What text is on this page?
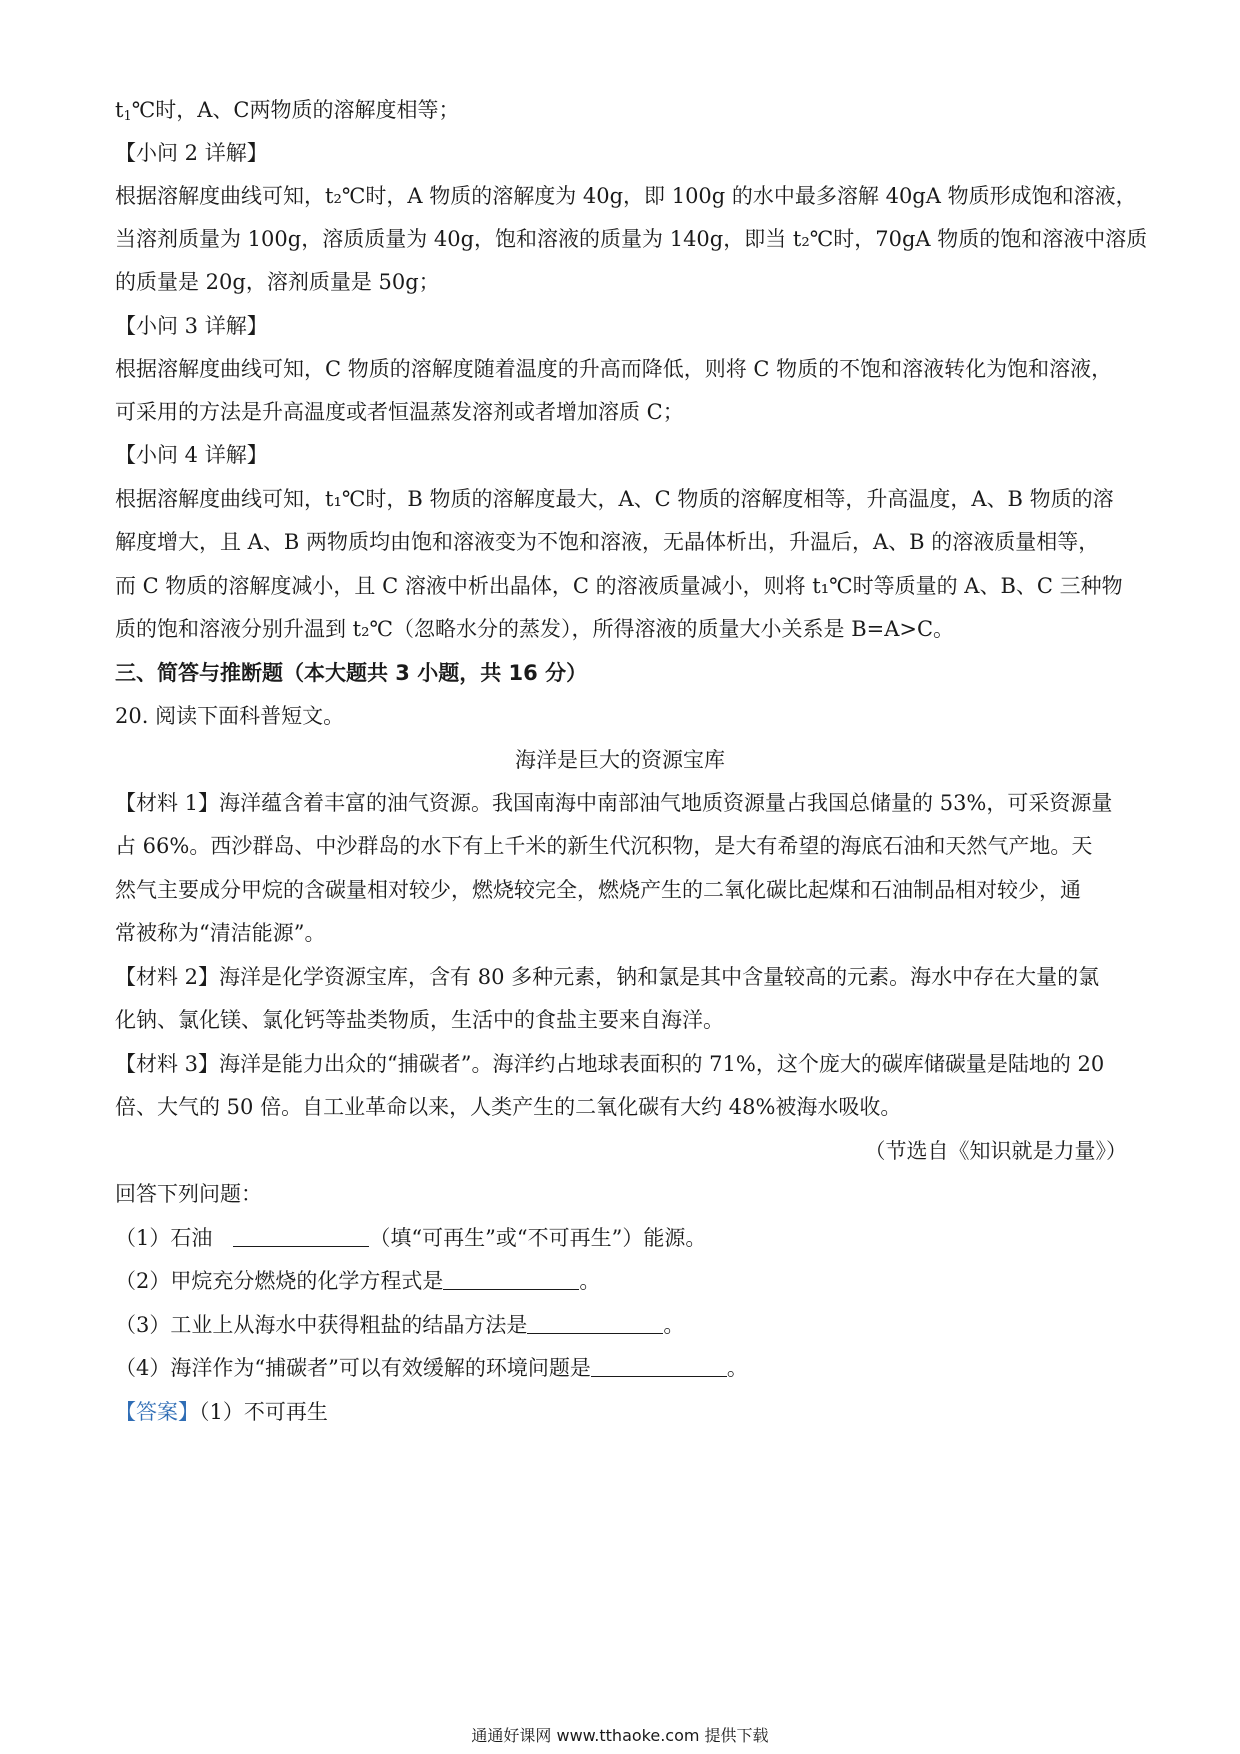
$t_1℃$时，A、C两物质的溶解度相等；
【小问 2 详解】
根据溶解度曲线可知，t₂℃时，A 物质的溶解度为 40g，即 100g 的水中最多溶解 40gA 物质形成饱和溶液，
当溶剂质量为 100g，溶质质量为 40g，饱和溶液的质量为 140g，即当 t₂℃时，70gA 物质的饱和溶液中溶质
的质量是 20g，溶剂质量是 50g；
【小问 3 详解】
根据溶解度曲线可知，C 物质的溶解度随着温度的升高而降低，则将 C 物质的不饱和溶液转化为饱和溶液，
可采用的方法是升高温度或者恒温蒸发溶剂或者增加溶质 C；
【小问 4 详解】
根据溶解度曲线可知，t₁℃时，B 物质的溶解度最大，A、C 物质的溶解度相等，升高温度，A、B 物质的溶
解度增大，且 A、B 两物质均由饱和溶液变为不饱和溶液，无晶体析出，升温后，A、B 的溶液质量相等，
而 C 物质的溶解度减小，且 C 溶液中析出晶体，C 的溶液质量减小，则将 t₁℃时等质量的 A、B、C 三种物
质的饱和溶液分别升温到 t₂℃（忽略水分的蒸发），所得溶液的质量大小关系是 B=A>C。
三、简答与推断题（本大题共 3 小题，共 16 分）
20. 阅读下面科普短文。
海洋是巨大的资源宝库
【材料 1】海洋蕴含着丰富的油气资源。我国南海中南部油气地质资源量占我国总储量的 53%，可采资源量
占 66%。西沙群岛、中沙群岛的水下有上千米的新生代沉积物，是大有希望的海底石油和天然气产地。天
然气主要成分甲烷的含碳量相对较少，燃烧较完全，燃烧产生的二氧化碳比起煤和石油制品相对较少，通
常被称为“清洁能源”。
【材料 2】海洋是化学资源宝库，含有 80 多种元素，钠和氯是其中含量较高的元素。海水中存在大量的氯
化钠、氯化镁、氯化钙等盐类物质，生活中的食盐主要来自海洋。
【材料 3】海洋是能力出众的“捕碳者”。海洋约占地球表面积的 71%，这个庞大的碳库储碳量是陆地的 20
倍、大气的 50 倍。自工业革命以来，人类产生的二氧化碳有大约 48%被海水吸收。
（节选自《知识就是力量》）
回答下列问题：
（1）石油　	（填“可再生”或“不可再生”）能源。
（2）甲烷充分燃烧的化学方程式是	。
（3）工业上从海水中获得粗盐的结晶方法是	。
（4）海洋作为“捕碳者”可以有效缓解的环境问题是	。
【答案】（1）不可再生
通通好课网 www.tthaoke.com 提供下载
